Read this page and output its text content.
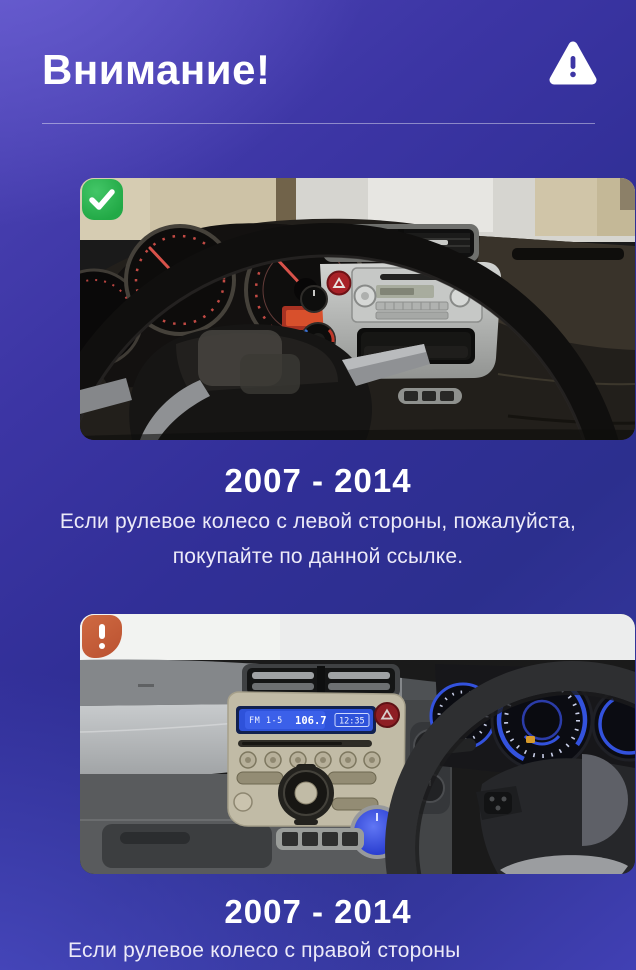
Внимание!
2007 - 2014

Если рулевое колесо с левой стороны, пожалуйста,
покупайте по данной ссылке.

FM 1-5 106.7 12:35
2007 - 2014

Если рулевое колесо с правой стороны
